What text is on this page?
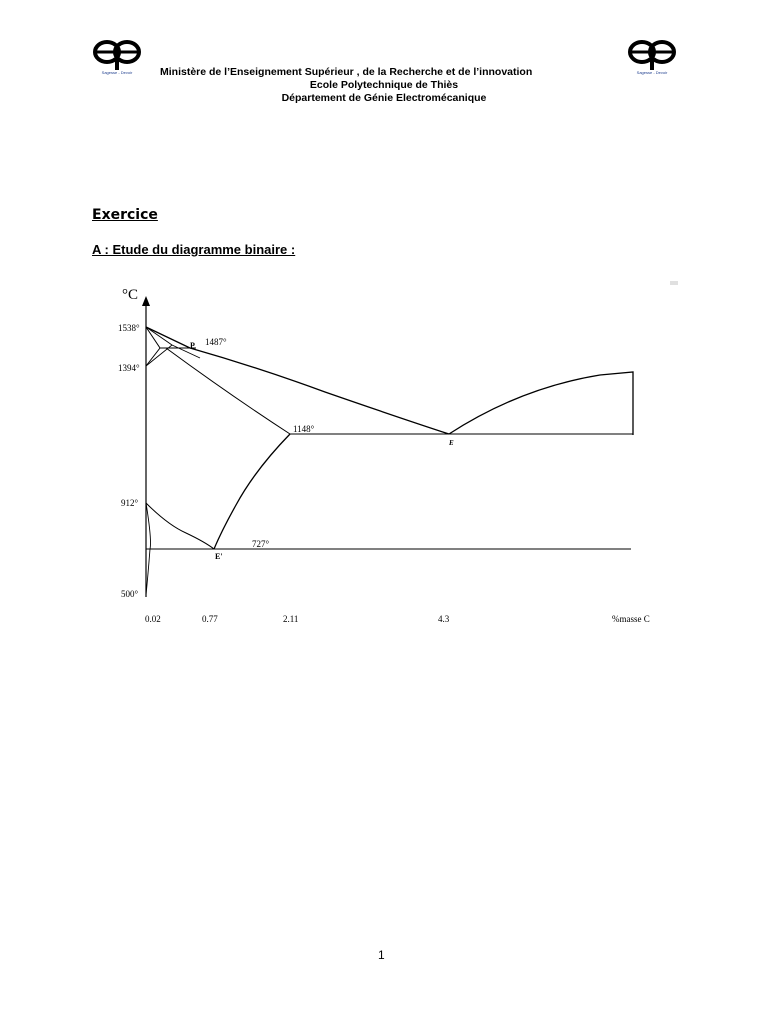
Sagesse - Devoir	Sagesse - Devoir
Ministère de l’Enseignement Supérieur , de la Recherche et de l’innovation
Ecole Polytechnique de Thiès
Département de Génie Electromécanique
Exercice
A : Etude du diagramme binaire :
°C
1538°
1394°
912°
500°
0.02	0.77	2.11	4.3	%masse C
1487°
1148°
727°
P
E
E'
1
